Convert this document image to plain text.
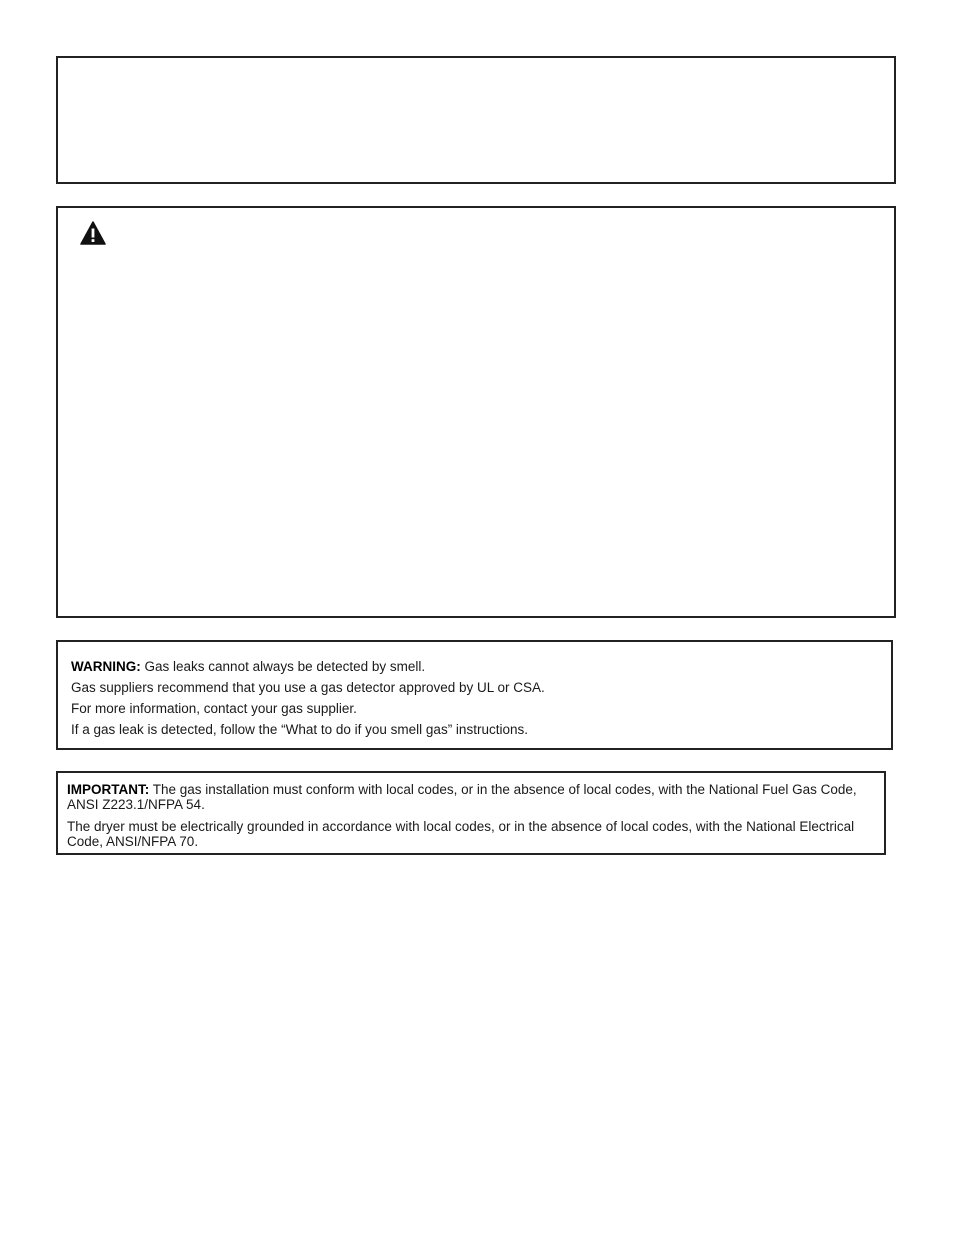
WARNING: Gas leaks cannot always be detected by smell.

Gas suppliers recommend that you use a gas detector approved by UL or CSA.

For more information, contact your gas supplier.

If a gas leak is detected, follow the “What to do if you smell gas” instructions.

IMPORTANT: The gas installation must conform with local codes, or in the absence of local codes, with the National Fuel Gas Code, ANSI Z223.1/NFPA 54.

The dryer must be electrically grounded in accordance with local codes, or in the absence of local codes, with the National Electrical Code, ANSI/NFPA 70.
